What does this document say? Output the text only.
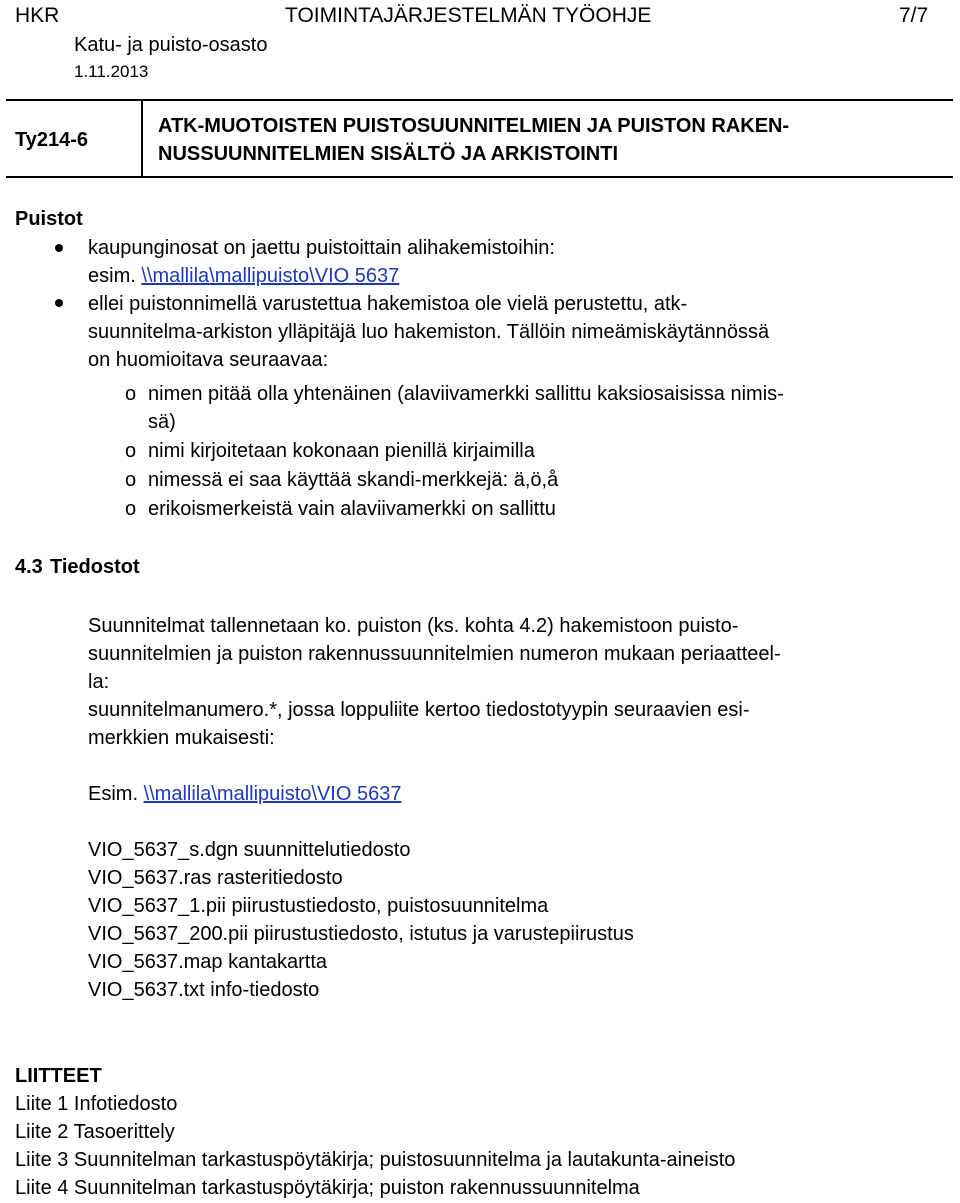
HKR	TOIMINTAJÄRJESTELMÄN TYÖOHJE	7/7
Katu- ja puisto-osasto
1.11.2013
Ty214-6
ATK-MUOTOISTEN PUISTOSUUNNITELMIEN JA PUISTON RAKEN-
NUSSUUNNITELMIEN SISÄLTÖ JA ARKISTOINTI
Puistot
kaupunginosat on jaettu puistoittain alihakemistoihin:
esim. \\mallila\mallipuisto\VIO 5637
ellei puistonnimellä varustettua hakemistoa ole vielä perustettu, atk-
suunnitelma-arkiston ylläpitäjä luo hakemiston. Tällöin nimeämiskäytännössä
on huomioitava seuraavaa:
o nimen pitää olla yhtenäinen (alaviivamerkki sallittu kaksiosaisissa nimis-
sä)
o nimi kirjoitetaan kokonaan pienillä kirjaimilla
o nimessä ei saa käyttää skandi-merkkejä: ä,ö,å
o erikoismerkeistä vain alaviivamerkki on sallittu
4.3 Tiedostot
Suunnitelmat tallennetaan ko. puiston (ks. kohta 4.2) hakemistoon puisto-
suunnitelmien ja puiston rakennussuunnitelmien numeron mukaan periaatteel-
la:
suunnitelmanumero.*, jossa loppuliite kertoo tiedostotyypin seuraavien esi-
merkkien mukaisesti:
Esim. \\mallila\mallipuisto\VIO 5637
VIO_5637_s.dgn suunnittelutiedosto
VIO_5637.ras rasteritiedosto
VIO_5637_1.pii piirustustiedosto, puistosuunnitelma
VIO_5637_200.pii piirustustiedosto, istutus ja varustepiirustus
VIO_5637.map kantakartta
VIO_5637.txt info-tiedosto
LIITTEET
Liite 1 Infotiedosto
Liite 2 Tasoerittely
Liite 3 Suunnitelman tarkastuspöytäkirja; puistosuunnitelma ja lautakunta-aineisto
Liite 4 Suunnitelman tarkastuspöytäkirja; puiston rakennussuunnitelma
